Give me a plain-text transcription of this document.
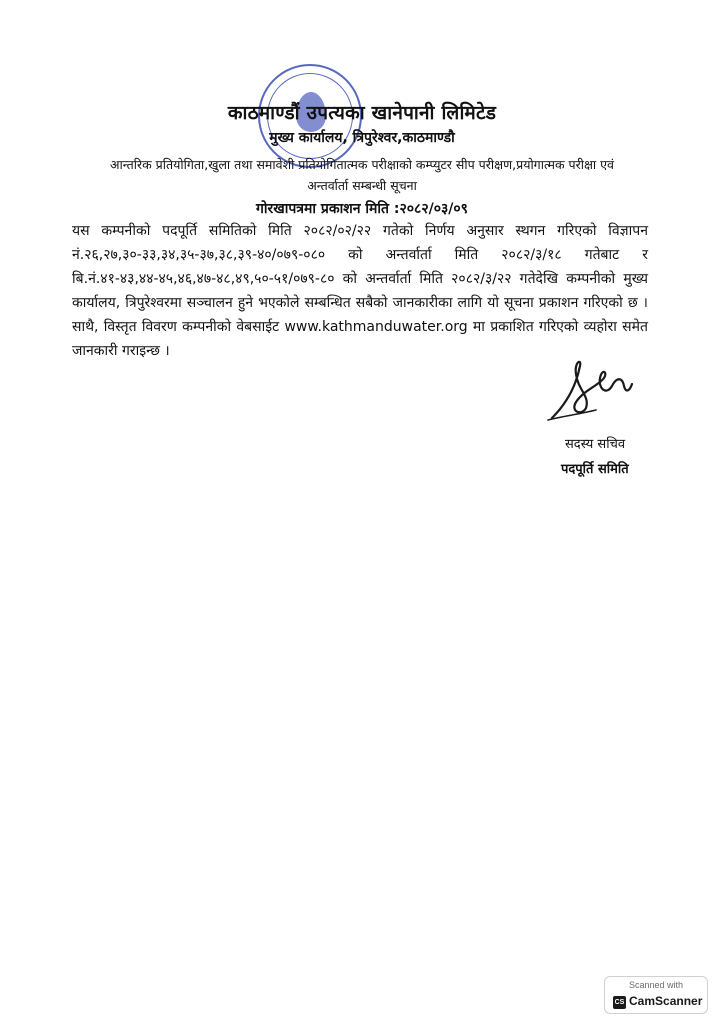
काठमाण्डौं उपत्यका खानेपानी लिमिटेड
मुख्य कार्यालय, त्रिपुरेश्वर,काठमाण्डौ
आन्तरिक प्रतियोगिता,खुला तथा समावेशी प्रतियोगितात्मक परीक्षाको कम्प्युटर सीप परीक्षण,प्रयोगात्मक परीक्षा एवं
अन्तर्वार्ता सम्बन्धी सूचना
गोरखापत्रमा प्रकाशन मिति :२०८२/०३/०९
यस कम्पनीको पदपूर्ति समितिको मिति २०८२/०२/२२ गतेको निर्णय अनुसार स्थगन गरिएको विज्ञापन नं.२६,२७,३०-३३,३४,३५-३७,३८,३९-४०/०७९-०८० को अन्तर्वार्ता मिति २०८२/३/१८ गतेबाट र बि.नं.४१-४३,४४-४५,४६,४७-४८,४९,५०-५१/०७९-८० को अन्तर्वार्ता मिति २०८२/३/२२ गतेदेखि कम्पनीको मुख्य कार्यालय, त्रिपुरेश्वरमा सञ्चालन हुने भएकोले सम्बन्धित सबैको जानकारीका लागि यो सूचना प्रकाशन गरिएको छ । साथै, विस्तृत विवरण कम्पनीको वेबसाईट www.kathmanduwater.org मा प्रकाशित गरिएको व्यहोरा समेत जानकारी गराइन्छ ।
सदस्य सचिव
पदपूर्ति समिति
Scanned with
CS CamScanner
